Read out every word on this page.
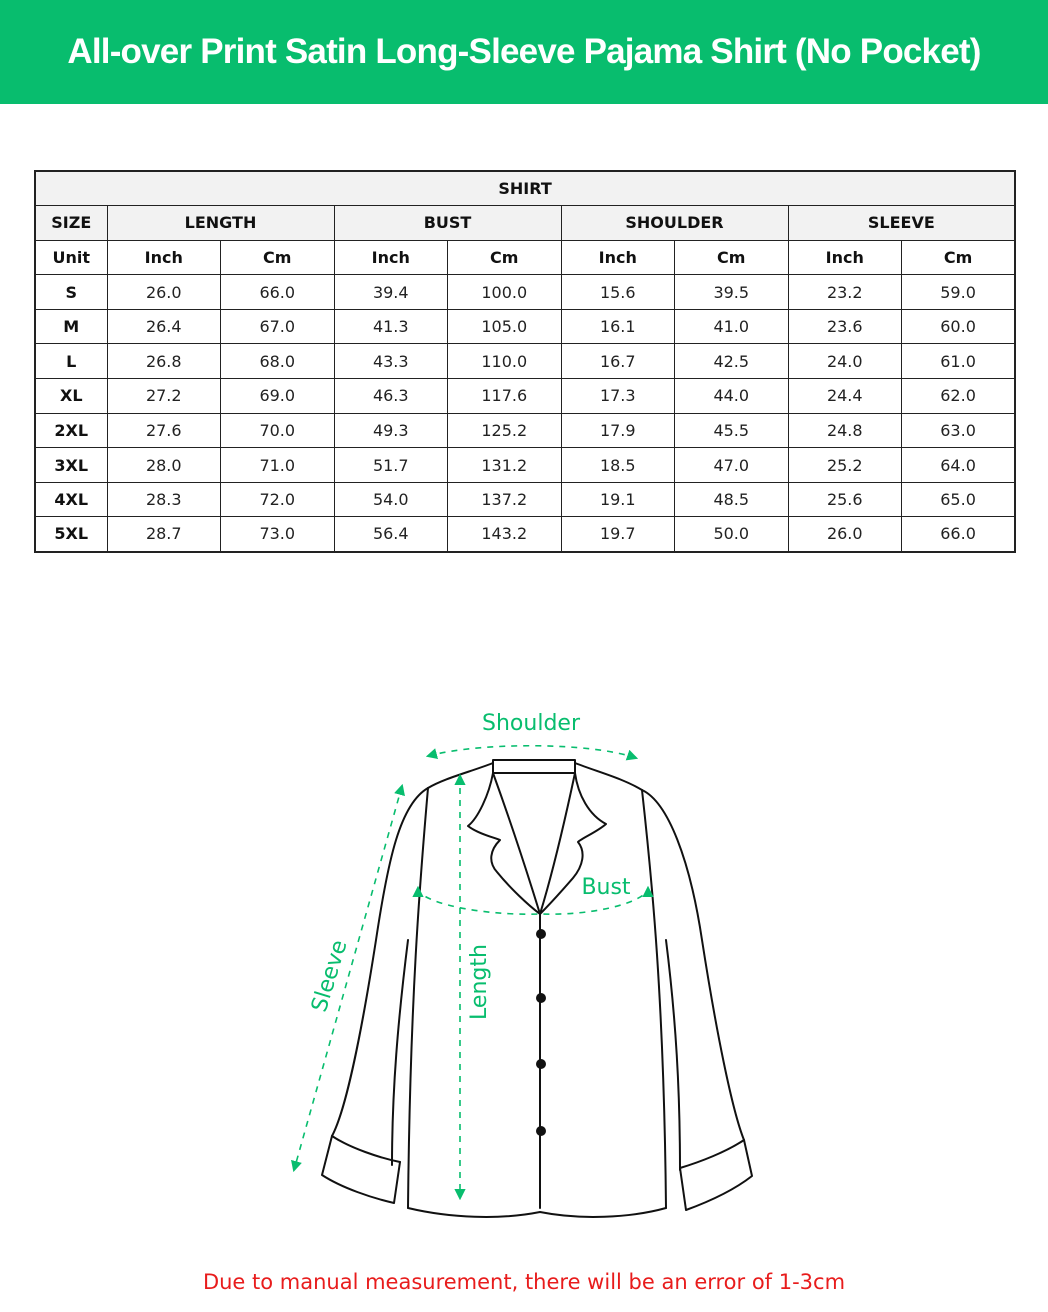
All-over Print Satin Long-Sleeve Pajama Shirt (No Pocket)
SHIRT								
SIZE	LENGTH		BUST		SHOULDER		SLEEVE	
Unit	Inch	Cm	Inch	Cm	Inch	Cm	Inch	Cm
S	26.0	66.0	39.4	100.0	15.6	39.5	23.2	59.0
M	26.4	67.0	41.3	105.0	16.1	41.0	23.6	60.0
L	26.8	68.0	43.3	110.0	16.7	42.5	24.0	61.0
XL	27.2	69.0	46.3	117.6	17.3	44.0	24.4	62.0
2XL	27.6	70.0	49.3	125.2	17.9	45.5	24.8	63.0
3XL	28.0	71.0	51.7	131.2	18.5	47.0	25.2	64.0
4XL	28.3	72.0	54.0	137.2	19.1	48.5	25.6	65.0
5XL	28.7	73.0	56.4	143.2	19.7	50.0	26.0	66.0
Shoulder
Bust
Length
Sleeve
Due to manual measurement, there will be an error of 1-3cm
